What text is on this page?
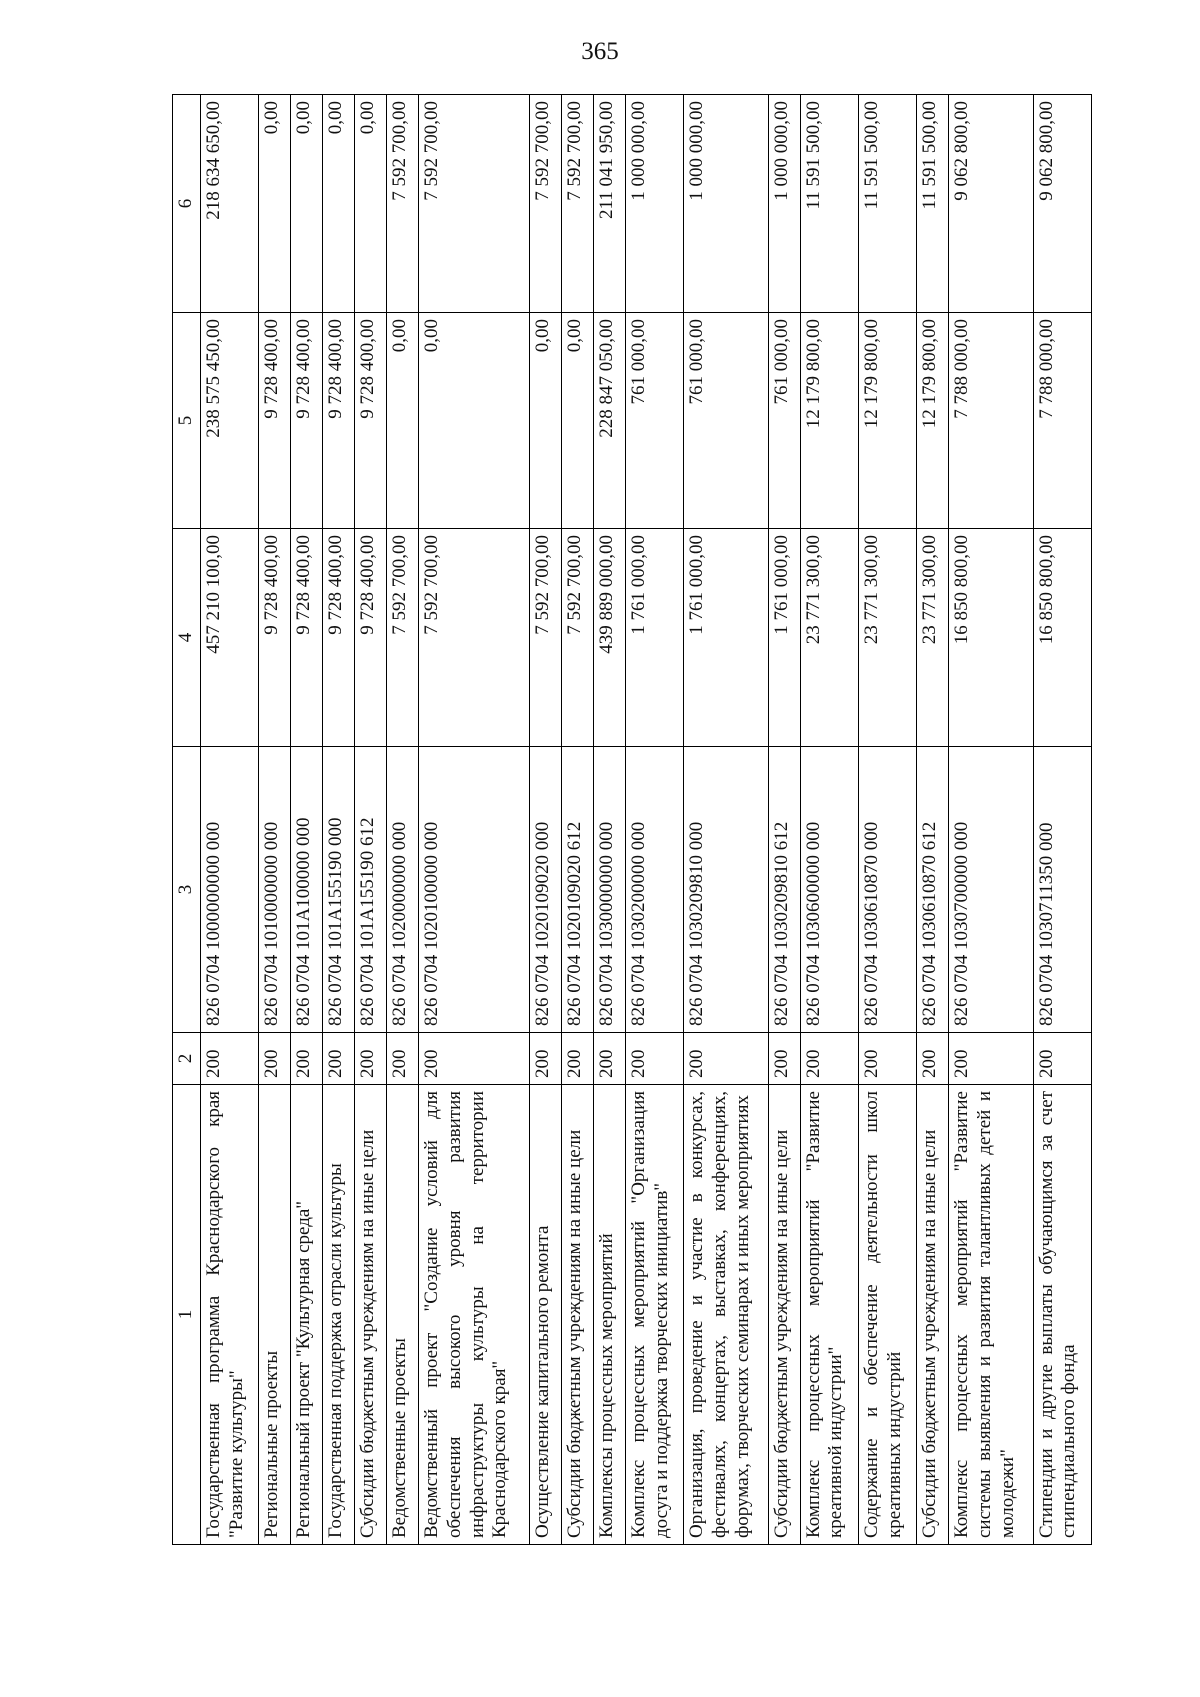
365
1	2	3	4	5	6
Государственная программа Краснодарского края "Развитие культуры"	200	826 0704 1000000000 000	457 210 100,00	238 575 450,00	218 634 650,00
Региональные проекты	200	826 0704 1010000000 000	9 728 400,00	9 728 400,00	0,00
Региональный проект "Культурная среда"	200	826 0704 101А100000 000	9 728 400,00	9 728 400,00	0,00
Государственная поддержка отрасли культуры	200	826 0704 101А155190 000	9 728 400,00	9 728 400,00	0,00
Субсидии бюджетным учреждениям на иные цели	200	826 0704 101А155190 612	9 728 400,00	9 728 400,00	0,00
Ведомственные проекты	200	826 0704 1020000000 000	7 592 700,00	0,00	7 592 700,00
Ведомственный проект "Создание условий для обеспечения высокого уровня развития инфраструктуры культуры на территории Краснодарского края"	200	826 0704 1020100000 000	7 592 700,00	0,00	7 592 700,00
Осуществление капитального ремонта	200	826 0704 1020109020 000	7 592 700,00	0,00	7 592 700,00
Субсидии бюджетным учреждениям на иные цели	200	826 0704 1020109020 612	7 592 700,00	0,00	7 592 700,00
Комплексы процессных мероприятий	200	826 0704 1030000000 000	439 889 000,00	228 847 050,00	211 041 950,00
Комплекс процессных мероприятий "Организация досуга и поддержка творческих инициатив"	200	826 0704 1030200000 000	1 761 000,00	761 000,00	1 000 000,00
Организация, проведение и участие в конкурсах, фестивалях, концертах, выставках, конференциях, форумах, творческих семинарах и иных мероприятиях	200	826 0704 1030209810 000	1 761 000,00	761 000,00	1 000 000,00
Субсидии бюджетным учреждениям на иные цели	200	826 0704 1030209810 612	1 761 000,00	761 000,00	1 000 000,00
Комплекс процессных мероприятий "Развитие креативной индустрии"	200	826 0704 1030600000 000	23 771 300,00	12 179 800,00	11 591 500,00
Содержание и обеспечение деятельности школ креативных индустрий	200	826 0704 1030610870 000	23 771 300,00	12 179 800,00	11 591 500,00
Субсидии бюджетным учреждениям на иные цели	200	826 0704 1030610870 612	23 771 300,00	12 179 800,00	11 591 500,00
Комплекс процессных мероприятий "Развитие системы выявления и развития талантливых детей и молодежи"	200	826 0704 1030700000 000	16 850 800,00	7 788 000,00	9 062 800,00
Стипендии и другие выплаты обучающимся за счет стипендиального фонда	200	826 0704 1030711350 000	16 850 800,00	7 788 000,00	9 062 800,00
